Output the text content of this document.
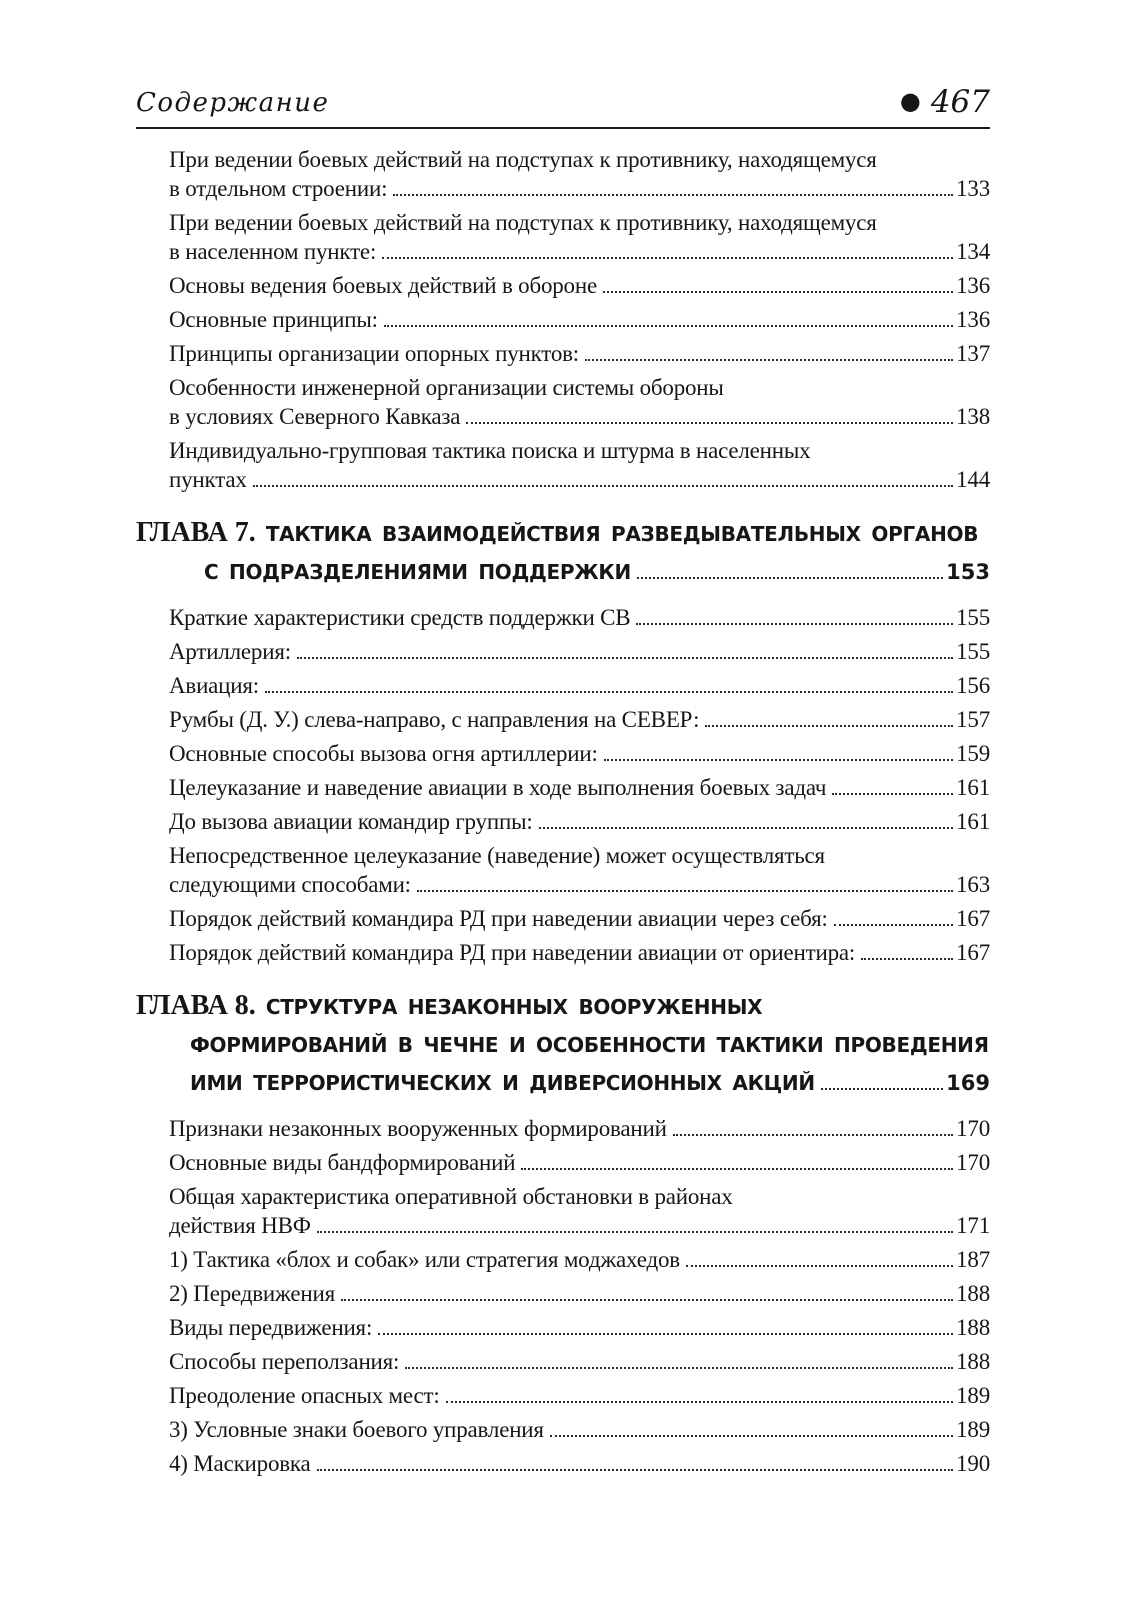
Содержание	● 467
При ведении боевых действий на подступах к противнику, находящемуся
в отдельном строении:	133
При ведении боевых действий на подступах к противнику, находящемуся
в населенном пункте:	134
Основы ведения боевых действий в обороне	136
Основные принципы:	136
Принципы организации опорных пунктов:	137
Особенности инженерной организации системы обороны
в условиях Северного Кавказа	138
Индивидуально-групповая тактика поиска и штурма в населенных
пунктах	144
ГЛАВА 7. ТАКТИКА ВЗАИМОДЕЙСТВИЯ РАЗВЕДЫВАТЕЛЬНЫХ ОРГАНОВ
С ПОДРАЗДЕЛЕНИЯМИ ПОДДЕРЖКИ	153
Краткие характеристики средств поддержки СВ	155
Артиллерия:	155
Авиация:	156
Румбы (Д. У.) слева-направо, с направления на СЕВЕР:	157
Основные способы вызова огня артиллерии:	159
Целеуказание и наведение авиации в ходе выполнения боевых задач	161
До вызова авиации командир группы:	161
Непосредственное целеуказание (наведение) может осуществляться
следующими способами:	163
Порядок действий командира РД при наведении авиации через себя:	167
Порядок действий командира РД при наведении авиации от ориентира:	167
ГЛАВА 8. СТРУКТУРА НЕЗАКОННЫХ ВООРУЖЕННЫХ
ФОРМИРОВАНИЙ В ЧЕЧНЕ И ОСОБЕННОСТИ ТАКТИКИ ПРОВЕДЕНИЯ
ИМИ ТЕРРОРИСТИЧЕСКИХ И ДИВЕРСИОННЫХ АКЦИЙ	169
Признаки незаконных вооруженных формирований	170
Основные виды бандформирований	170
Общая характеристика оперативной обстановки в районах
действия НВФ	171
1) Тактика «блох и собак» или стратегия моджахедов	187
2) Передвижения	188
Виды передвижения:	188
Способы переползания:	188
Преодоление опасных мест:	189
3) Условные знаки боевого управления	189
4) Маскировка	190
